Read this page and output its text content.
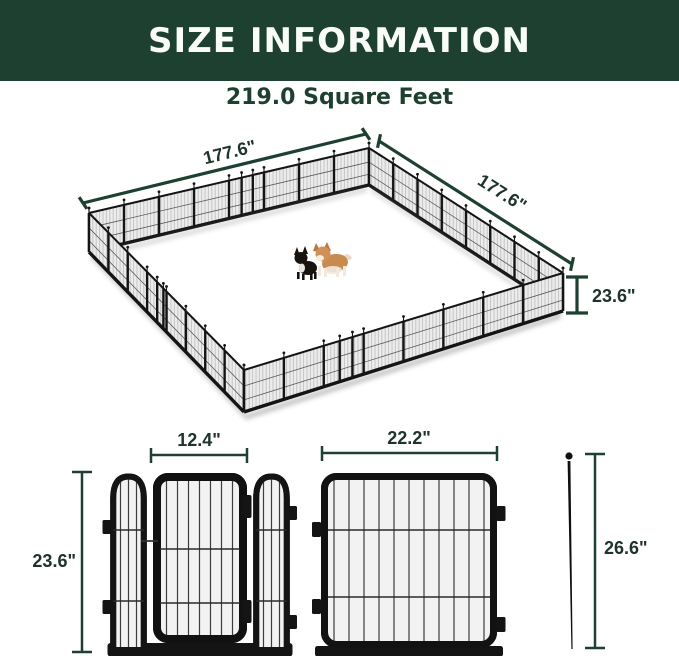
SIZE INFORMATION
219.0 Square Feet
177.6"
177.6"
23.6"
23.6"
12.4"	22.2"
26.6"
